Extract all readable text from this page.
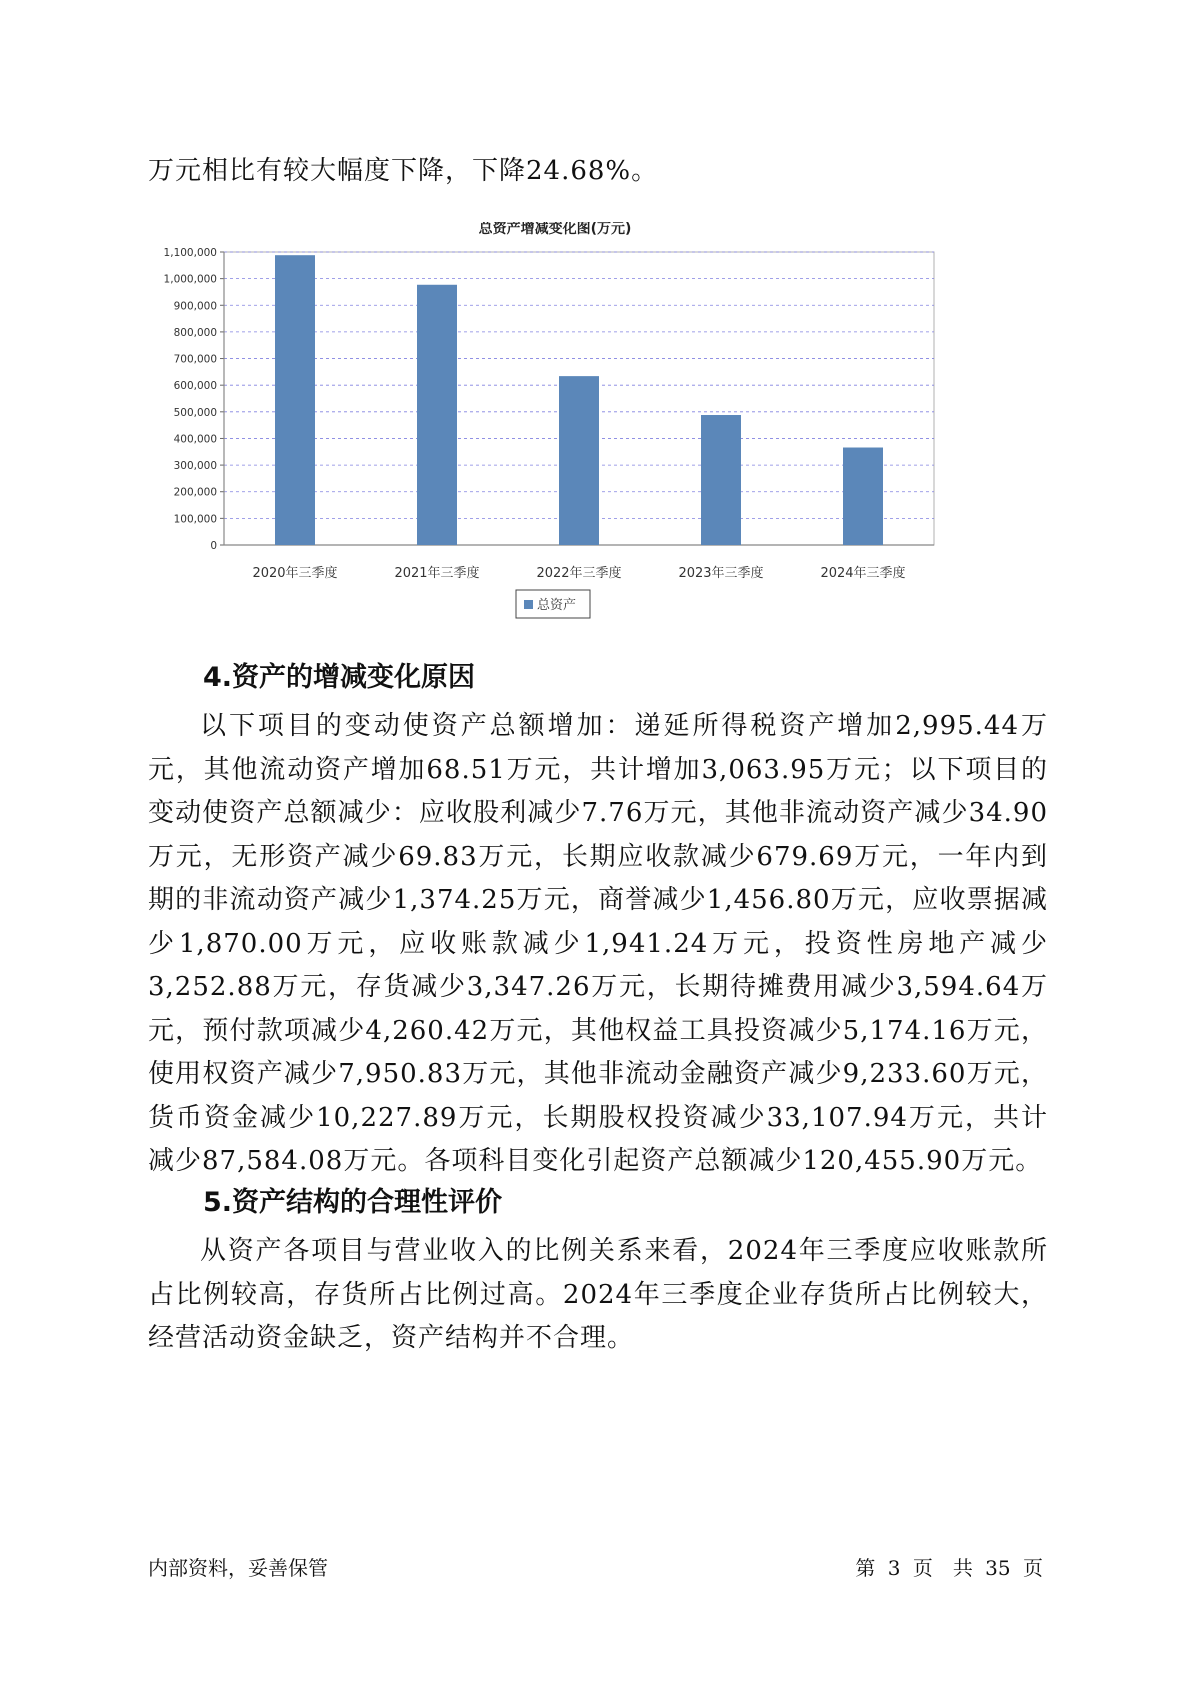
万元相比有较大幅度下降，下降24.68%。

总资产增减变化图(万元)
0
100,000
200,000
300,000
400,000
500,000
600,000
700,000
800,000
900,000
1,000,000
1,100,000
2020年三季度	2021年三季度	2022年三季度	2023年三季度	2024年三季度
总资产
4.资产的增减变化原因

以下项目的变动使资产总额增加：递延所得税资产增加2,995.44万元，其他流动资产增加68.51万元，共计增加3,063.95万元；以下项目的变动使资产总额减少：应收股利减少7.76万元，其他非流动资产减少34.90万元，无形资产减少69.83万元，长期应收款减少679.69万元，一年内到期的非流动资产减少1,374.25万元，商誉减少1,456.80万元，应收票据减少1,870.00万元，应收账款减少1,941.24万元，投资性房地产减少3,252.88万元，存货减少3,347.26万元，长期待摊费用减少3,594.64万元，预付款项减少4,260.42万元，其他权益工具投资减少5,174.16万元，使用权资产减少7,950.83万元，其他非流动金融资产减少9,233.60万元，货币资金减少10,227.89万元，长期股权投资减少33,107.94万元，共计减少87,584.08万元。各项科目变化引起资产总额减少120,455.90万元。

5.资产结构的合理性评价

从资产各项目与营业收入的比例关系来看，2024年三季度应收账款所占比例较高，存货所占比例过高。2024年三季度企业存货所占比例较大，经营活动资金缺乏，资产结构并不合理。

内部资料，妥善保管	第 3 页　共 35 页
